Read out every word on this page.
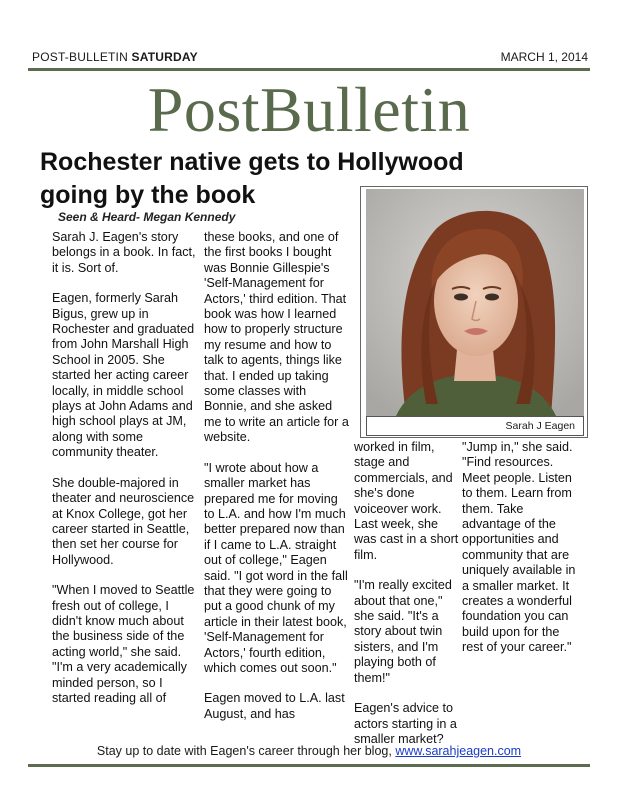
POST-BULLETIN SATURDAY	MARCH 1, 2014
PostBulletin
Rochester native gets to Hollywood going by the book
Seen & Heard- Megan Kennedy
Sarah J Eagen

Sarah J. Eagen's story belongs in a book. In fact, it is. Sort of.

Eagen, formerly Sarah Bigus, grew up in Rochester and graduated from John Marshall High School in 2005. She started her acting career locally, in middle school plays at John Adams and high school plays at JM, along with some community theater.

She double-majored in theater and neuroscience at Knox College, got her career started in Seattle, then set her course for Hollywood.

"When I moved to Seattle fresh out of college, I didn't know much about the business side of the acting world," she said. "I'm a very academically minded person, so I started reading all of

these books, and one of the first books I bought was Bonnie Gillespie's 'Self-Management for Actors,' third edition. That book was how I learned how to properly structure my resume and how to talk to agents, things like that. I ended up taking some classes with Bonnie, and she asked me to write an article for a website.

"I wrote about how a smaller market has prepared me for moving to L.A. and how I'm much better prepared now than if I came to L.A. straight out of college," Eagen said. "I got word in the fall that they were going to put a good chunk of my article in their latest book, 'Self-Management for Actors,' fourth edition, which comes out soon."

Eagen moved to L.A. last August, and has

worked in film, stage and commercials, and she's done voiceover work. Last week, she was cast in a short film.

"I'm really excited about that one," she said. "It's a story about twin sisters, and I'm playing both of them!"

Eagen's advice to actors starting in a smaller market?

"Jump in," she said. "Find resources. Meet people. Listen to them. Learn from them. Take advantage of the opportunities and community that are uniquely available in a smaller market. It creates a wonderful foundation you can build upon for the rest of your career."

Stay up to date with Eagen's career through her blog, www.sarahjeagen.com
